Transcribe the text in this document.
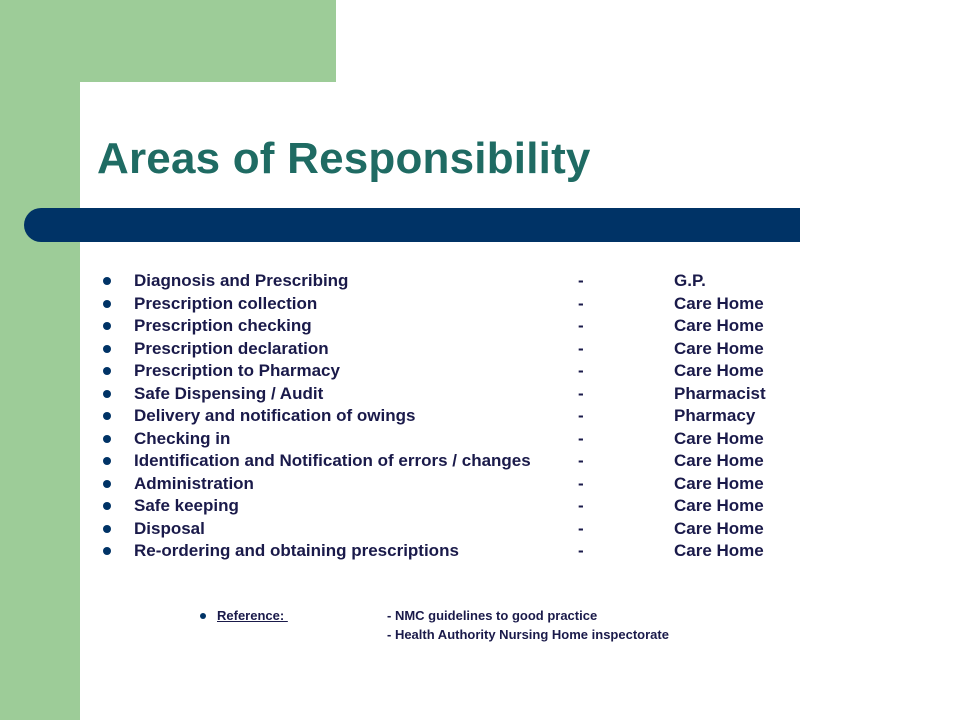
Areas of Responsibility
Diagnosis and Prescribing	-	G.P.
Prescription collection	-	Care Home
Prescription checking	-	Care Home
Prescription declaration	-	Care Home
Prescription to Pharmacy	-	Care Home
Safe Dispensing / Audit	-	Pharmacist
Delivery and notification of owings	-	Pharmacy
Checking in	-	Care Home
Identification and Notification of errors / changes	-	Care Home
Administration	-	Care Home
Safe keeping	-	Care Home
Disposal	-	Care Home
Re-ordering and obtaining prescriptions	-	Care Home
Reference:	- NMC guidelines to good practice
- Health Authority Nursing Home inspectorate
